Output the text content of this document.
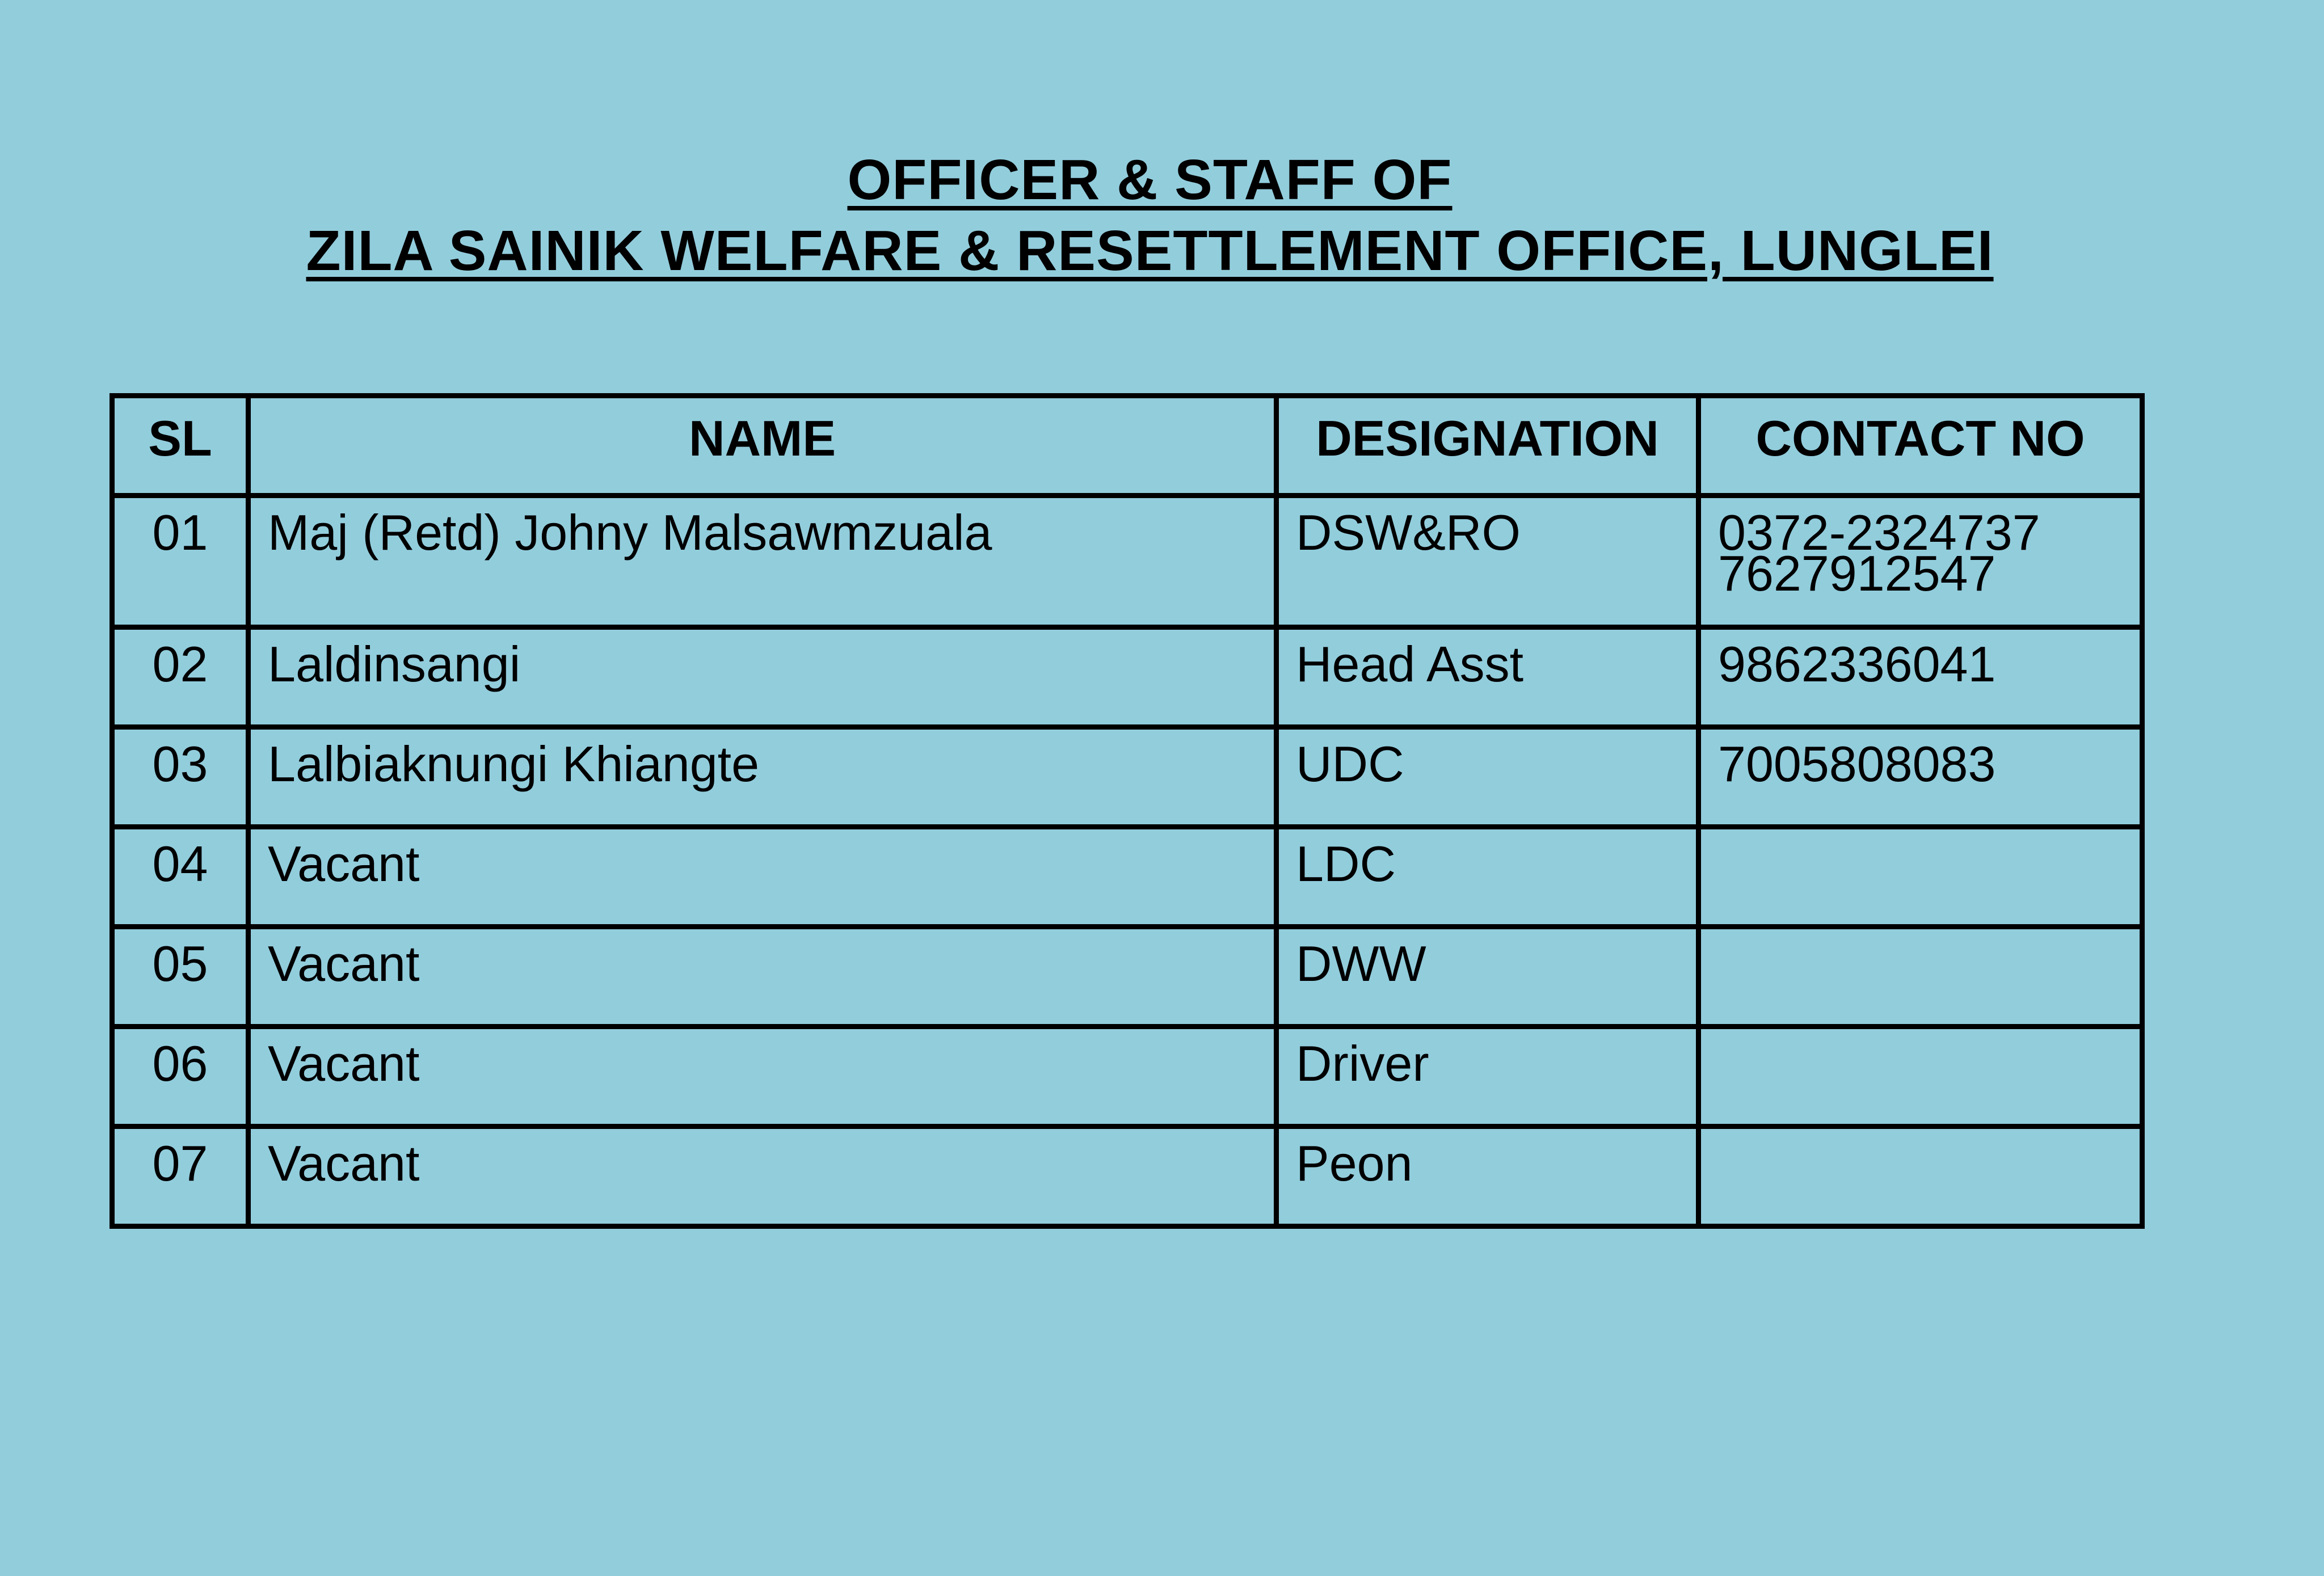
OFFICER & STAFF OF
ZILA SAINIK WELFARE & RESETTLEMENT OFFICE, LUNGLEI
SL	NAME	DESIGNATION	CONTACT NO
01	Maj (Retd) Johny Malsawmzuala	DSW&RO	0372-2324737
7627912547

02	Laldinsangi	Head Asst	9862336041

03	Lalbiaknungi Khiangte	UDC	7005808083

04	Vacant	LDC	
05	Vacant	DWW	
06	Vacant	Driver	
07	Vacant	Peon	
